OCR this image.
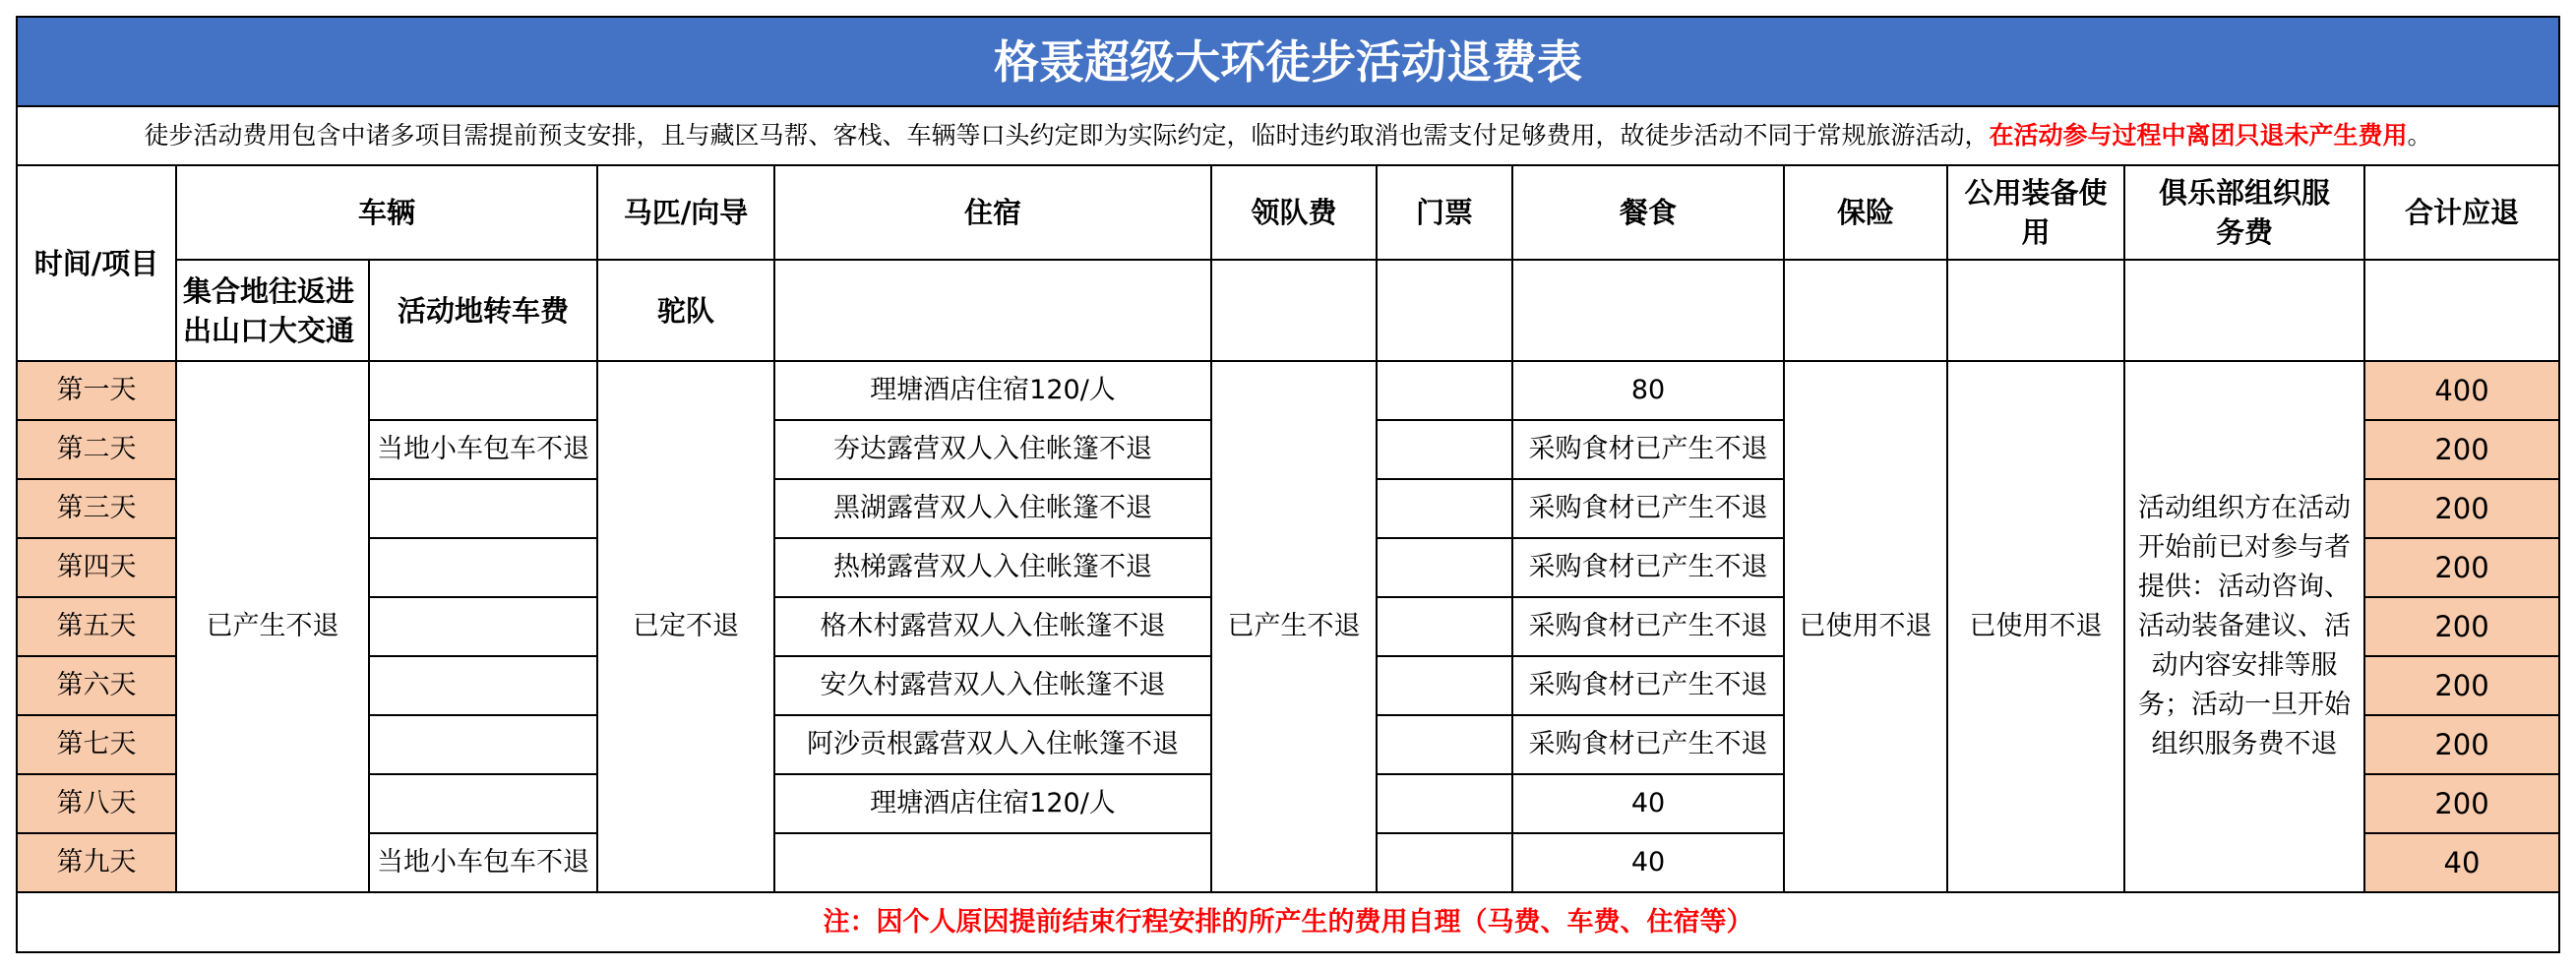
格聂超级大环徒步活动退费表											
徒步活动费用包含中诸多项目需提前预支安排，且与藏区马帮、客栈、车辆等口头约定即为实际约定，临时违约取消也需支付足够费用，故徒步活动不同于常规旅游活动，在活动参与过程中离团只退未产生费用。											
时间/项目	车辆		马匹/向导	住宿	领队费	门票	餐食	保险	公用装备使用	俱乐部组织服务费	合计应退
	集合地往返进出山口大交通	活动地转车费	驼队								
第一天	已产生不退		已定不退	理塘酒店住宿120/人	已产生不退		80	已使用不退	已使用不退	活动组织方在活动开始前已对参与者提供：活动咨询、活动装备建议、活动内容安排等服务；活动一旦开始组织服务费不退	400
第二天		当地小车包车不退		夯达露营双人入住帐篷不退			采购食材已产生不退				200
第三天				黑湖露营双人入住帐篷不退			采购食材已产生不退				200
第四天				热梯露营双人入住帐篷不退			采购食材已产生不退				200
第五天				格木村露营双人入住帐篷不退			采购食材已产生不退				200
第六天				安久村露营双人入住帐篷不退			采购食材已产生不退				200
第七天				阿沙贡根露营双人入住帐篷不退			采购食材已产生不退				200
第八天				理塘酒店住宿120/人			40				200
第九天		当地小车包车不退					40				40
注：因个人原因提前结束行程安排的所产生的费用自理（马费、车费、住宿等）											
